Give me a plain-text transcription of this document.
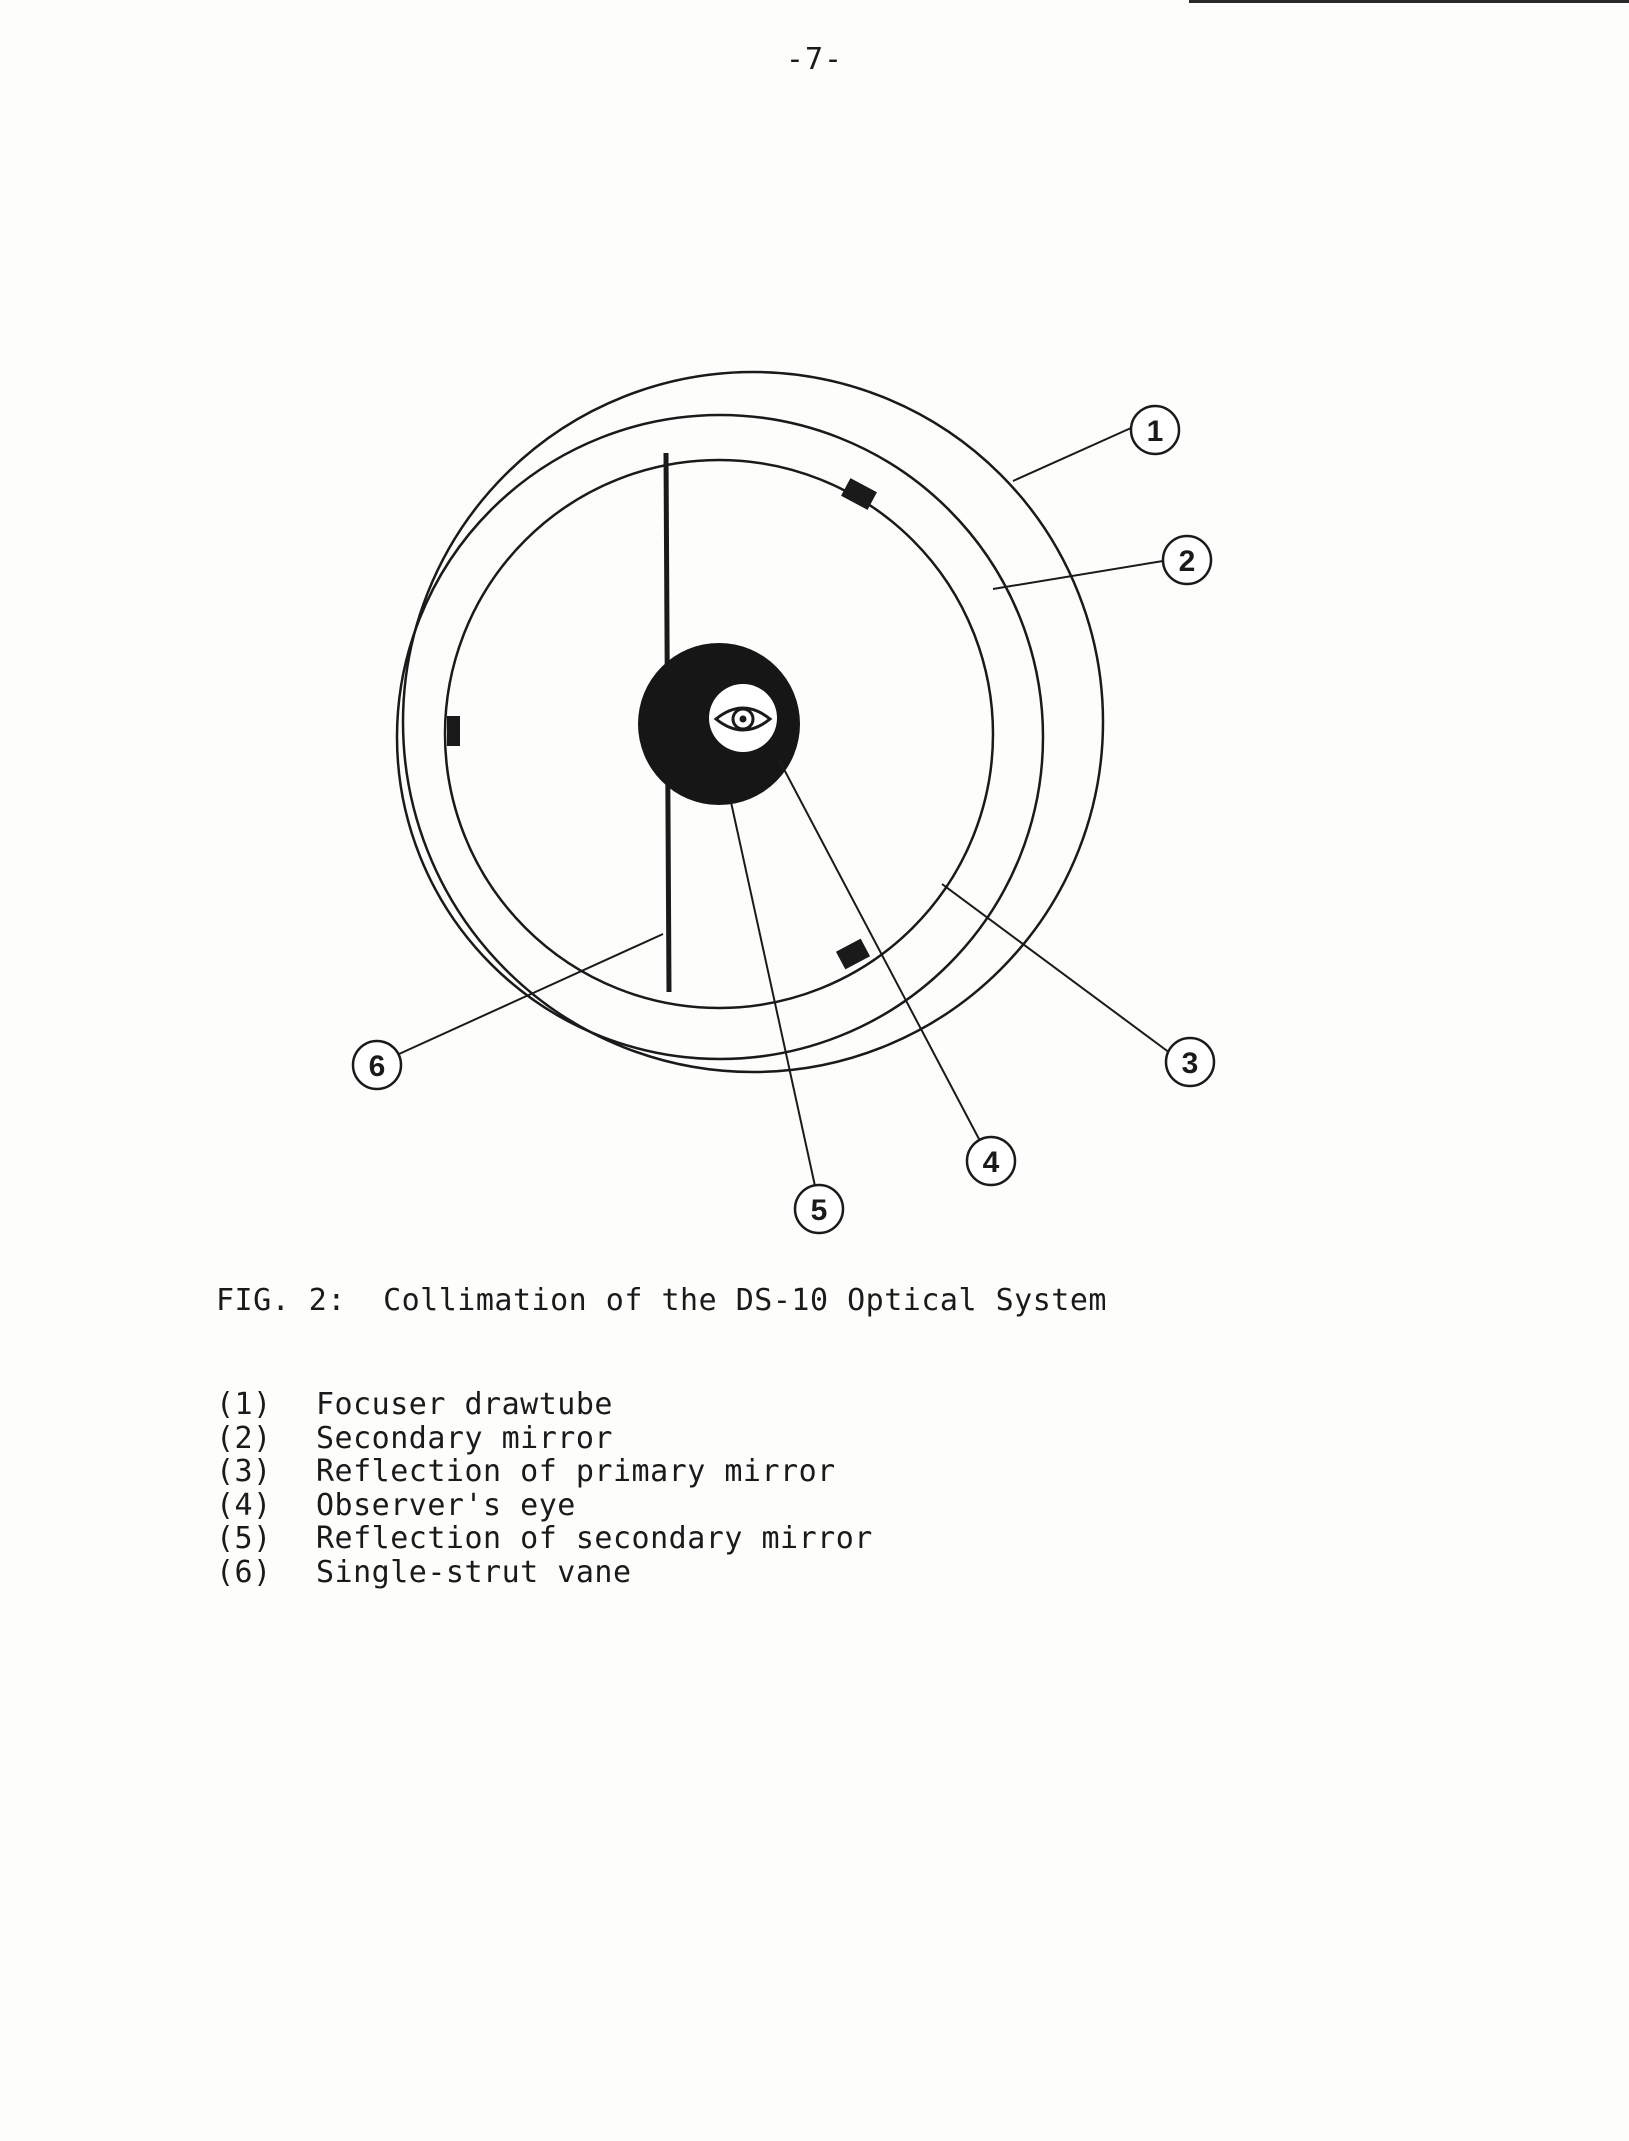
-7-
1
2
3
4
5
6
FIG. 2: Collimation of the DS-10 Optical System
(1) Focuser drawtube
(2) Secondary mirror
(3) Reflection of primary mirror
(4) Observer's eye
(5) Reflection of secondary mirror
(6) Single-strut vane
